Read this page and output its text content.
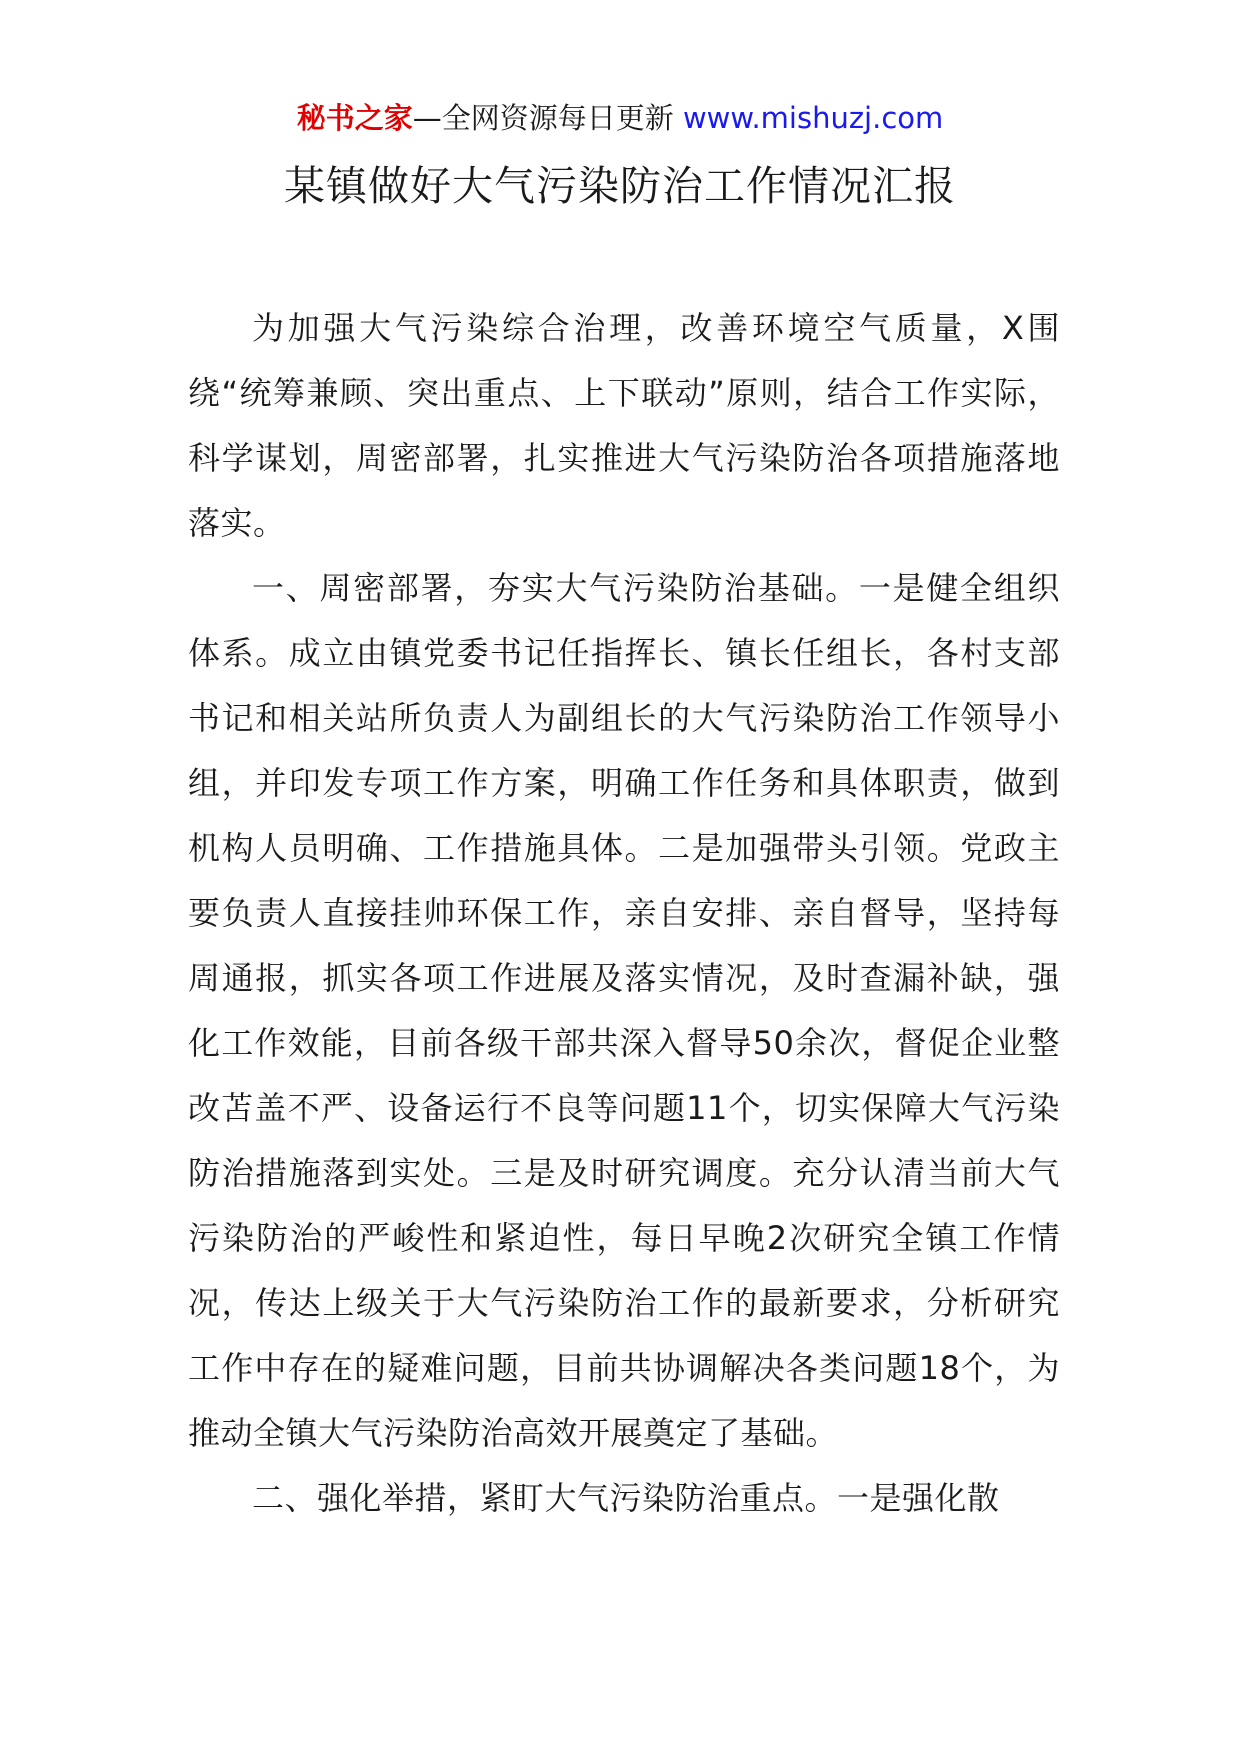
秘书之家—全网资源每日更新 www.mishuzj.com
某镇做好大气污染防治工作情况汇报

为加强大气污染综合治理，改善环境空气质量，X围绕“统筹兼顾、突出重点、上下联动”原则，结合工作实际，科学谋划，周密部署，扎实推进大气污染防治各项措施落地落实。

一、周密部署，夯实大气污染防治基础。一是健全组织体系。成立由镇党委书记任指挥长、镇长任组长，各村支部书记和相关站所负责人为副组长的大气污染防治工作领导小组，并印发专项工作方案，明确工作任务和具体职责，做到机构人员明确、工作措施具体。二是加强带头引领。党政主要负责人直接挂帅环保工作，亲自安排、亲自督导，坚持每周通报，抓实各项工作进展及落实情况，及时查漏补缺，强化工作效能，目前各级干部共深入督导50余次，督促企业整改苫盖不严、设备运行不良等问题11个，切实保障大气污染防治措施落到实处。三是及时研究调度。充分认清当前大气污染防治的严峻性和紧迫性，每日早晚2次研究全镇工作情况，传达上级关于大气污染防治工作的最新要求，分析研究工作中存在的疑难问题，目前共协调解决各类问题18个，为推动全镇大气污染防治高效开展奠定了基础。

二、强化举措，紧盯大气污染防治重点。一是强化散
